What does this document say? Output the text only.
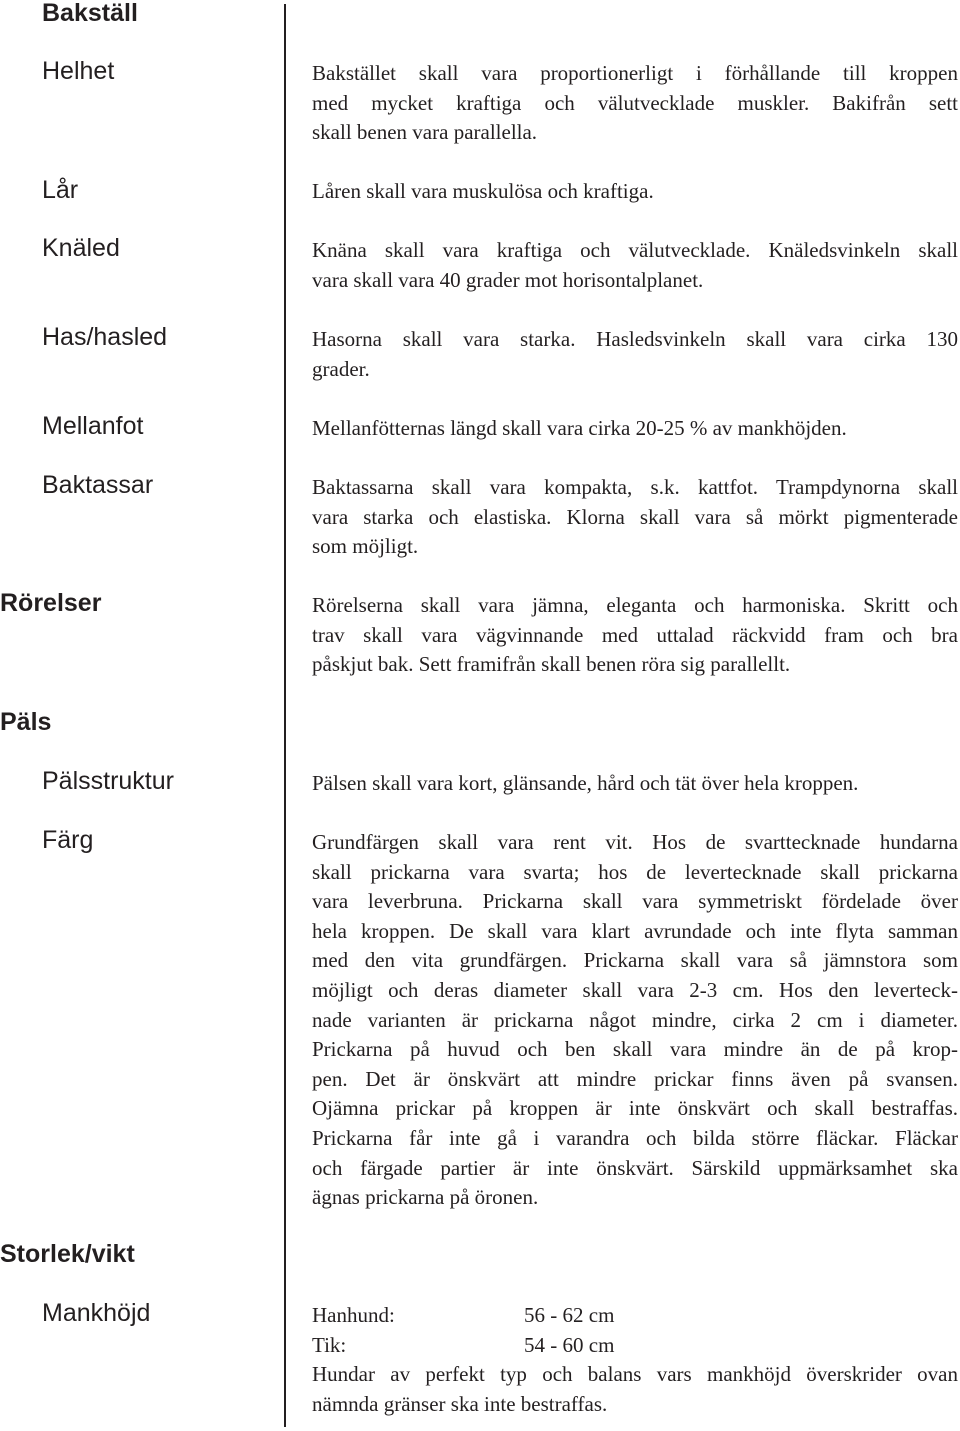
Bakställ
Rörelser
Päls
Storlek/vikt
Helhet
Lår
Knäled
Has/hasled
Mellanfot
Baktassar
Pälsstruktur
Färg
Mankhöjd
Bakstället skall vara proportionerligt i förhållande till kroppen
med mycket kraftiga och välutvecklade muskler. Bakifrån sett
skall benen vara parallella.
Låren skall vara muskulösa och kraftiga.
Knäna skall vara kraftiga och välutvecklade. Knäledsvinkeln skall
vara skall vara 40 grader mot horisontalplanet.
Hasorna skall vara starka. Hasledsvinkeln skall vara cirka 130
grader.
Mellanfötternas längd skall vara cirka 20-25 % av mankhöjden.
Baktassarna skall vara kompakta, s.k. kattfot. Trampdynorna skall
vara starka och elastiska. Klorna skall vara så mörkt pigmenterade
som möjligt.
Rörelserna skall vara jämna, eleganta och harmoniska. Skritt och
trav skall vara vägvinnande med uttalad räckvidd fram och bra
påskjut bak. Sett framifrån skall benen röra sig parallellt.
Pälsen skall vara kort, glänsande, hård och tät över hela kroppen.
Grundfärgen skall vara rent vit. Hos de svarttecknade hundarna
skall prickarna vara svarta; hos de levertecknade skall prickarna
vara leverbruna. Prickarna skall vara symmetriskt fördelade över
hela kroppen. De skall vara klart avrundade och inte flyta samman
med den vita grundfärgen. Prickarna skall vara så jämnstora som
möjligt och deras diameter skall vara 2-3 cm. Hos den leverteck-
nade varianten är prickarna något mindre, cirka 2 cm i diameter.
Prickarna på huvud och ben skall vara mindre än de på krop-
pen. Det är önskvärt att mindre prickar finns även på svansen.
Ojämna prickar på kroppen är inte önskvärt och skall bestraffas.
Prickarna får inte gå i varandra och bilda större fläckar. Fläckar
och färgade partier är inte önskvärt. Särskild uppmärksamhet ska
ägnas prickarna på öronen.
Hanhund:	56 - 62 cm
Tik:	54 - 60 cm
Hundar av perfekt typ och balans vars mankhöjd överskrider ovan
nämnda gränser ska inte bestraffas.
